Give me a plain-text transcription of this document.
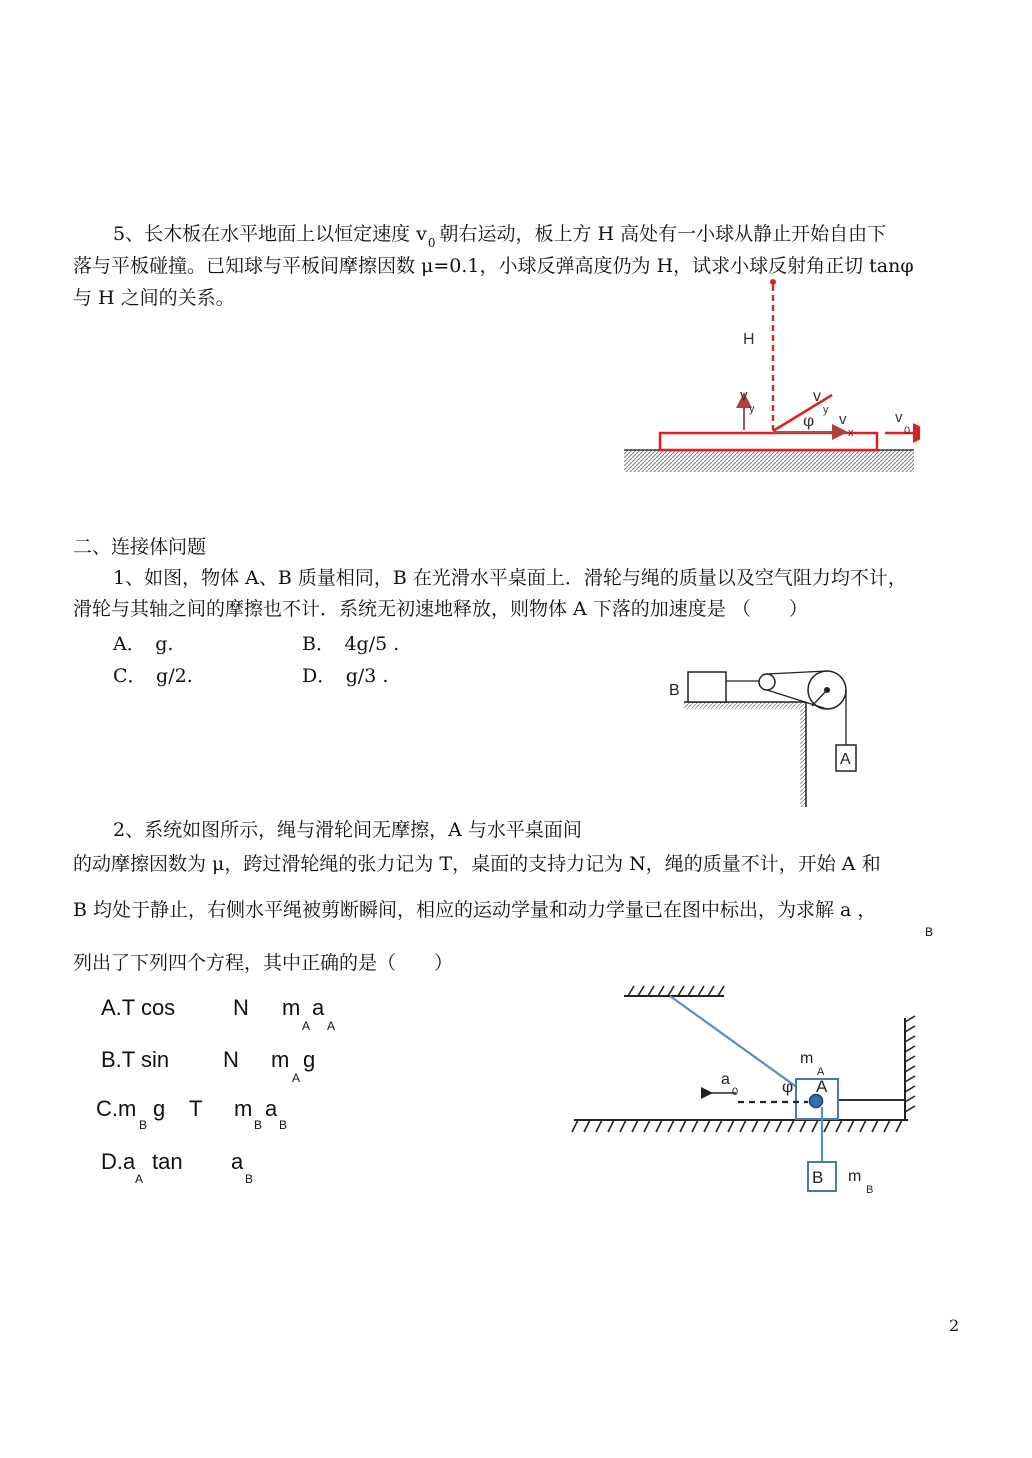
5、长木板在水平地面上以恒定速度 $v_0$ 朝右运动，板上方 H 高处有一小球从静止开始自由下
落与平板碰撞。已知球与平板间摩擦因数 μ=0.1，小球反弹高度仍为 H，试求小球反射角正切 tanφ
与 H 之间的关系。
H
v
y
v
y
φ v
x
v
0
二、连接体问题
1、如图，物体 A、B 质量相同，B 在光滑水平桌面上．滑轮与绳的质量以及空气阻力均不计，
滑轮与其轴之间的摩擦也不计．系统无初速地释放，则物体 A 下落的加速度是 （　　）
A．　g.	B．　4g/5 .
C．　g/2.	D．　g/3 .
B
A
2、系统如图所示，绳与滑轮间无摩擦，A 与水平桌面间
的动摩擦因数为 μ，跨过滑轮绳的张力记为 T，桌面的支持力记为 N，绳的质量不计，开始 A 和
B 均处于静止，右侧水平绳被剪断瞬间，相应的运动学量和动力学量已在图中标出，为求解 a ，
B
列出了下列四个方程，其中正确的是（　　）
A.T cos	N m a
A A
B.T sin N m g
A
C.m
B
g T m a
B B
D.a
A
tan a
B
m
A
a
0	φ A
B m
B
2
